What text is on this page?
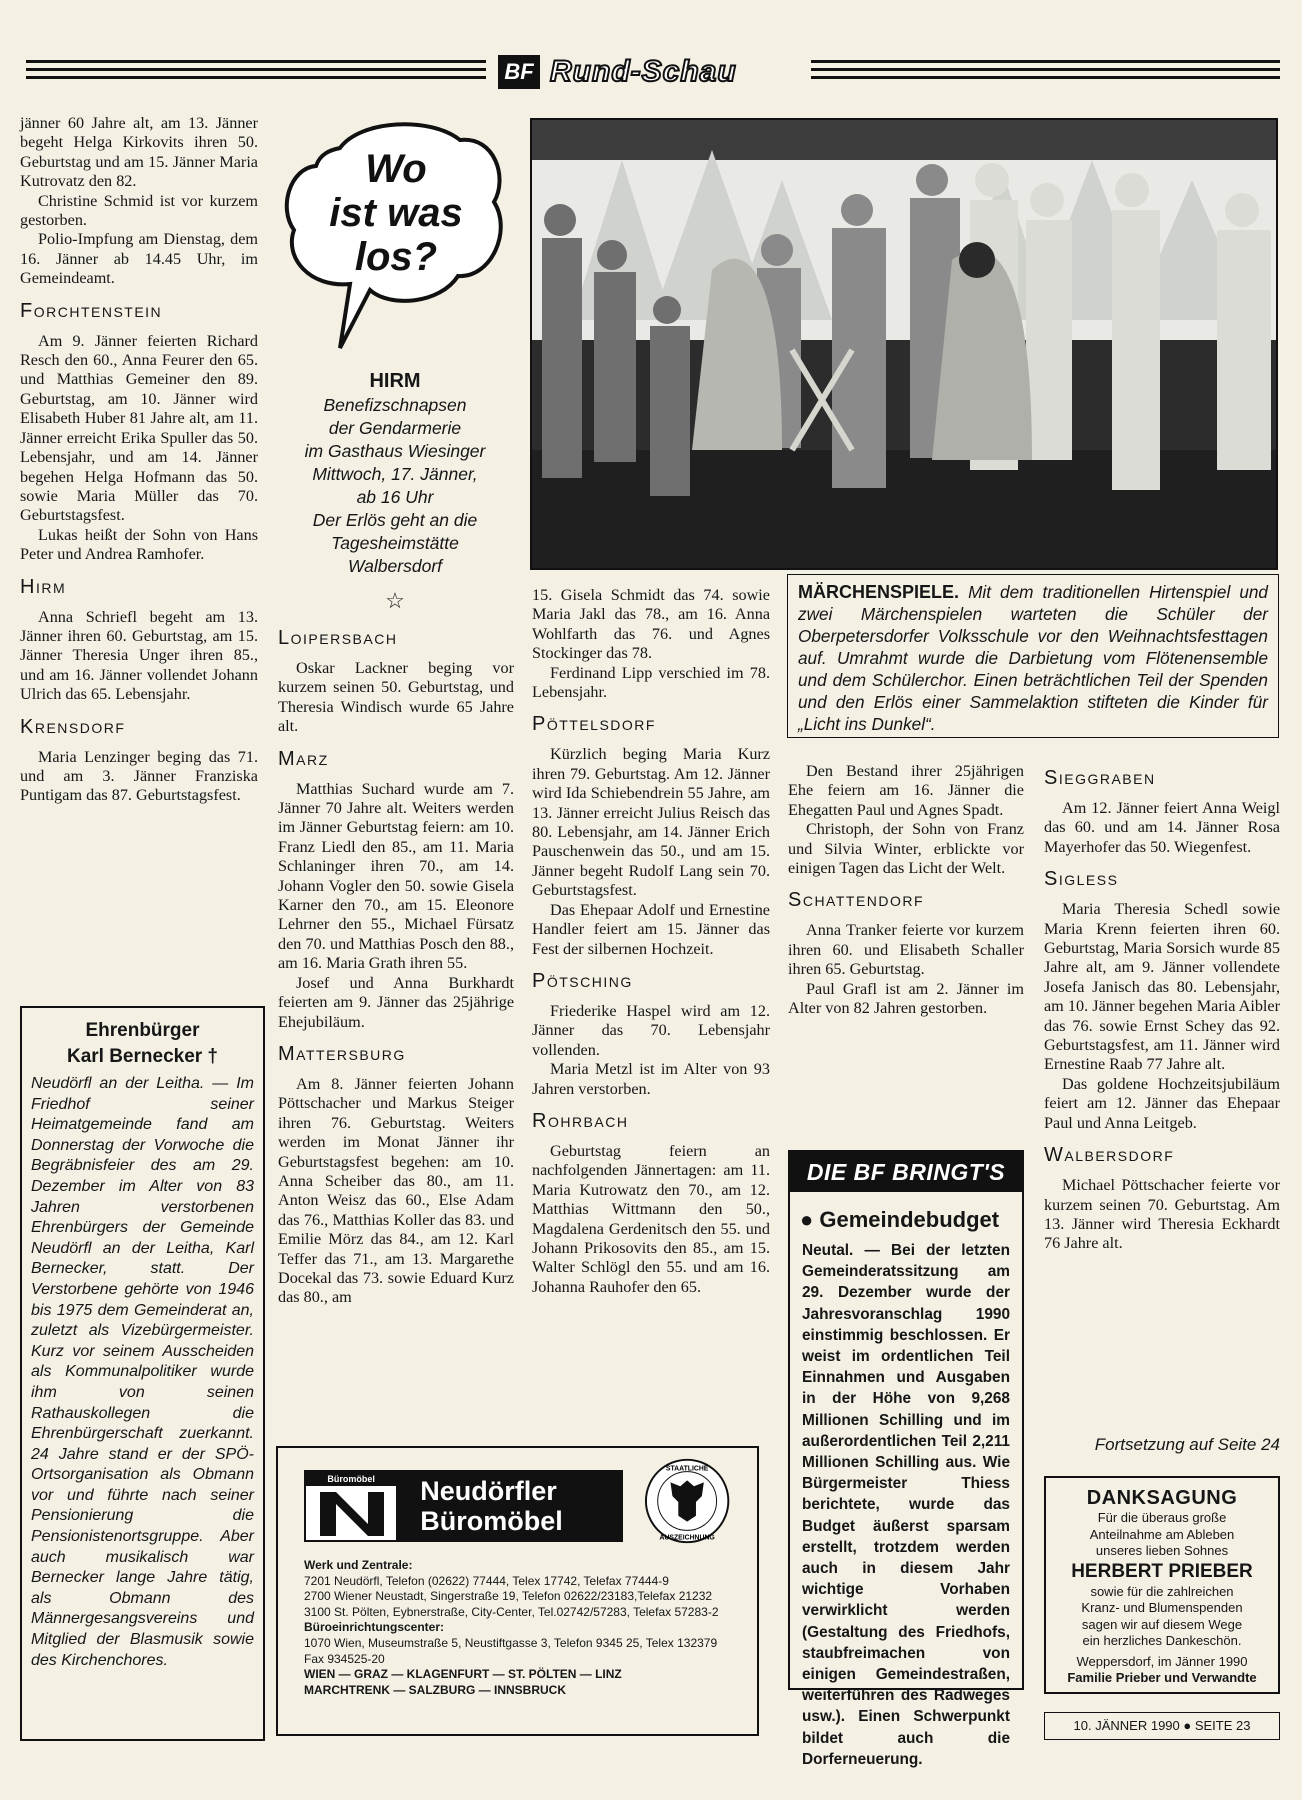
BF Rund-Schau

jänner 60 Jahre alt, am 13. Jänner begeht Helga Kirkovits ihren 50. Geburtstag und am 15. Jänner Maria Kutrovatz den 82.

Christine Schmid ist vor kurzem gestorben.

Polio-Impfung am Dienstag, dem 16. Jänner ab 14.45 Uhr, im Gemeindeamt.

Forchtenstein

Am 9. Jänner feierten Richard Resch den 60., Anna Feurer den 65. und Matthias Gemeiner den 89. Geburtstag, am 10. Jänner wird Elisabeth Huber 81 Jahre alt, am 11. Jänner erreicht Erika Spuller das 50. Lebensjahr, und am 14. Jänner begehen Helga Hofmann das 50. sowie Maria Müller das 70. Geburtstagsfest.

Lukas heißt der Sohn von Hans Peter und Andrea Ramhofer.

Hirm

Anna Schriefl begeht am 13. Jänner ihren 60. Geburtstag, am 15. Jänner Theresia Unger ihren 85., und am 16. Jänner vollendet Johann Ulrich das 65. Lebensjahr.

Krensdorf

Maria Lenzinger beging das 71. und am 3. Jänner Franziska Puntigam das 87. Geburtstagsfest.

Ehrenbürger
Karl Bernecker †
Neudörfl an der Leitha. — Im Friedhof seiner Heimatgemeinde fand am Donnerstag der Vorwoche die Begräbnisfeier des am 29. Dezember im Alter von 83 Jahren verstorbenen Ehrenbürgers der Gemeinde Neudörfl an der Leitha, Karl Bernecker, statt. Der Verstorbene gehörte von 1946 bis 1975 dem Gemeinderat an, zuletzt als Vizebürgermeister. Kurz vor seinem Ausscheiden als Kommunalpolitiker wurde ihm von seinen Rathauskollegen die Ehrenbürgerschaft zuerkannt. 24 Jahre stand er der SPÖ-Ortsorganisation als Obmann vor und führte nach seiner Pensionierung die Pensionistenortsgruppe. Aber auch musikalisch war Bernecker lange Jahre tätig, als Obmann des Männergesangsvereins und Mitglied der Blasmusik sowie des Kirchenchores.
Wo
ist was
los?
HIRM
Benefizschnapsen
der Gendarmerie
im Gasthaus Wiesinger
Mittwoch, 17. Jänner,
ab 16 Uhr
Der Erlös geht an die
Tagesheimstätte
Walbersdorf
☆
Loipersbach

Oskar Lackner beging vor kurzem seinen 50. Geburtstag, und Theresia Windisch wurde 65 Jahre alt.

Marz

Matthias Suchard wurde am 7. Jänner 70 Jahre alt. Weiters werden im Jänner Geburtstag feiern: am 10. Franz Liedl den 85., am 11. Maria Schlaninger ihren 70., am 14. Johann Vogler den 50. sowie Gisela Karner den 70., am 15. Eleonore Lehrner den 55., Michael Fürsatz den 70. und Matthias Posch den 88., am 16. Maria Grath ihren 55.

Josef und Anna Burkhardt feierten am 9. Jänner das 25jährige Ehejubiläum.

Mattersburg

Am 8. Jänner feierten Johann Pöttschacher und Markus Steiger ihren 76. Geburtstag. Weiters werden im Monat Jänner ihr Geburtstagsfest begehen: am 10. Anna Scheiber das 80., am 11. Anton Weisz das 60., Else Adam das 76., Matthias Koller das 83. und Emilie Mörz das 84., am 12. Karl Teffer das 71., am 13. Margarethe Docekal das 73. sowie Eduard Kurz das 80., am

MÄRCHENSPIELE. Mit dem traditionellen Hirtenspiel und zwei Märchenspielen warteten die Schüler der Oberpetersdorfer Volksschule vor den Weihnachtsfesttagen auf. Umrahmt wurde die Darbietung vom Flötenensemble und dem Schülerchor. Einen beträchtlichen Teil der Spenden und den Erlös einer Sammelaktion stifteten die Kinder für „Licht ins Dunkel“.

15. Gisela Schmidt das 74. sowie Maria Jakl das 78., am 16. Anna Wohlfarth das 76. und Agnes Stockinger das 78.

Ferdinand Lipp verschied im 78. Lebensjahr.

Pöttelsdorf

Kürzlich beging Maria Kurz ihren 79. Geburtstag. Am 12. Jänner wird Ida Schiebendrein 55 Jahre, am 13. Jänner erreicht Julius Reisch das 80. Lebensjahr, am 14. Jänner Erich Pauschenwein das 50., und am 15. Jänner begeht Rudolf Lang sein 70. Geburtstagsfest.

Das Ehepaar Adolf und Ernestine Handler feiert am 15. Jänner das Fest der silbernen Hochzeit.

Pötsching

Friederike Haspel wird am 12. Jänner das 70. Lebensjahr vollenden.

Maria Metzl ist im Alter von 93 Jahren verstorben.

Rohrbach

Geburtstag feiern an nachfolgenden Jännertagen: am 11. Maria Kutrowatz den 70., am 12. Matthias Wittmann den 50., Magdalena Gerdenitsch den 55. und Johann Prikosovits den 85., am 15. Walter Schlögl den 55. und am 16. Johanna Rauhofer den 65.

Den Bestand ihrer 25jährigen Ehe feiern am 16. Jänner die Ehegatten Paul und Agnes Spadt.

Christoph, der Sohn von Franz und Silvia Winter, erblickte vor einigen Tagen das Licht der Welt.

Schattendorf

Anna Tranker feierte vor kurzem ihren 60. und Elisabeth Schaller ihren 65. Geburtstag.

Paul Grafl ist am 2. Jänner im Alter von 82 Jahren gestorben.

DIE BF BRINGT'S
● Gemeindebudget
Neutal. — Bei der letzten Gemeinderatssitzung am 29. Dezember wurde der Jahresvoranschlag 1990 einstimmig beschlossen. Er weist im ordentlichen Teil Einnahmen und Ausgaben in der Höhe von 9,268 Millionen Schilling und im außerordentlichen Teil 2,211 Millionen Schilling aus. Wie Bürgermeister Thiess berichtete, wurde das Budget äußerst sparsam erstellt, trotzdem werden auch in diesem Jahr wichtige Vorhaben verwirklicht werden (Gestaltung des Friedhofs, staubfreimachen von einigen Gemeindestraßen, weiterführen des Radweges usw.). Einen Schwerpunkt bildet auch die Dorferneuerung.
Sieggraben

Am 12. Jänner feiert Anna Weigl das 60. und am 14. Jänner Rosa Mayerhofer das 50. Wiegenfest.

Sigless

Maria Theresia Schedl sowie Maria Krenn feierten ihren 60. Geburtstag, Maria Sorsich wurde 85 Jahre alt, am 9. Jänner vollendete Josefa Janisch das 80. Lebensjahr, am 10. Jänner begehen Maria Aibler das 76. sowie Ernst Schey das 92. Geburtstagsfest, am 11. Jänner wird Ernestine Raab 77 Jahre alt.

Das goldene Hochzeitsjubiläum feiert am 12. Jänner das Ehepaar Paul und Anna Leitgeb.

Walbersdorf

Michael Pöttschacher feierte vor kurzem seinen 70. Geburtstag. Am 13. Jänner wird Theresia Eckhardt 76 Jahre alt.

Fortsetzung auf Seite 24
Büromöbel	Neudörfler
Büromöbel
STAATLICHE
AUSZEICHNUNG
Werk und Zentrale:
7201 Neudörfl, Telefon (02622) 77444, Telex 17742, Telefax 77444-9
2700 Wiener Neustadt, Singerstraße 19, Telefon 02622/23183,Telefax 21232
3100 St. Pölten, Eybnerstraße, City-Center, Tel.02742/57283, Telefax 57283-2
Büroeinrichtungscenter:
1070 Wien, Museumstraße 5, Neustiftgasse 3, Telefon 9345 25, Telex 132379
Fax 934525-20
WIEN — GRAZ — KLAGENFURT — ST. PÖLTEN — LINZ
MARCHTRENK — SALZBURG — INNSBRUCK
DANKSAGUNG
Für die überaus große
Anteilnahme am Ableben
unseres lieben Sohnes
HERBERT PRIEBER
sowie für die zahlreichen
Kranz- und Blumenspenden
sagen wir auf diesem Wege
ein herzliches Dankeschön.
Weppersdorf, im Jänner 1990
Familie Prieber und Verwandte
10. JÄNNER 1990 ● SEITE 23
